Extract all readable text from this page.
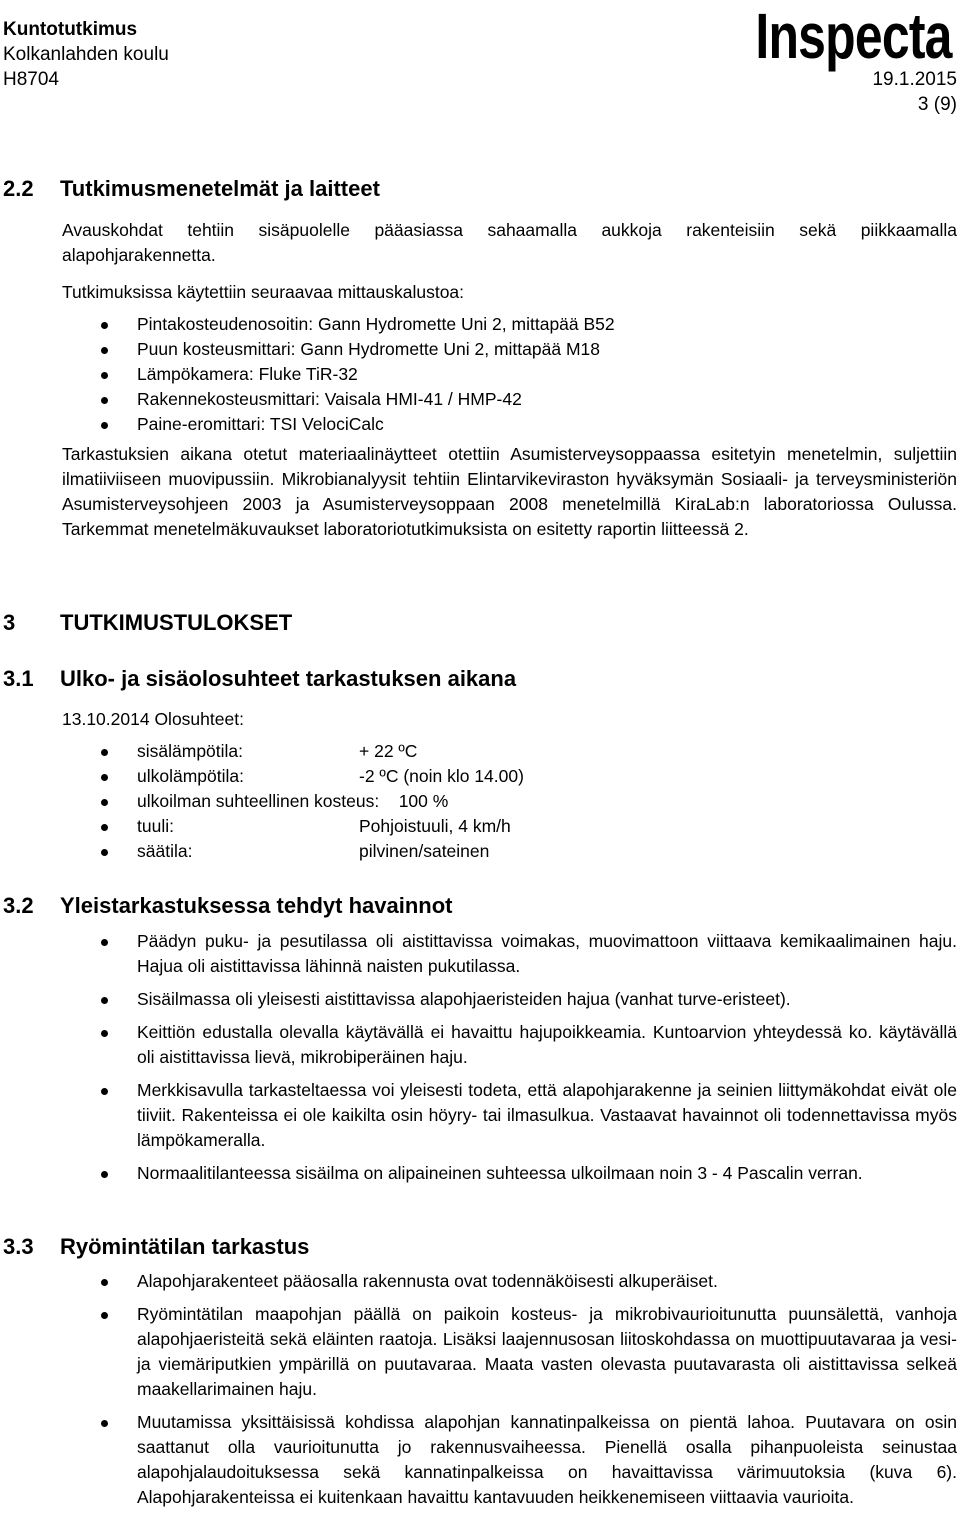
Kuntotutkimus
Kolkanlahden koulu
H8704
Inspecta
19.1.2015
3 (9)
2.2 Tutkimusmenetelmät ja laitteet
Avauskohdat tehtiin sisäpuolelle pääasiassa sahaamalla aukkoja rakenteisiin sekä piikkaamalla alapohjarakennetta.
Tutkimuksissa käytettiin seuraavaa mittauskalustoa:
Pintakosteudenosoitin: Gann Hydromette Uni 2, mittapää B52
Puun kosteusmittari: Gann Hydromette Uni 2, mittapää M18
Lämpökamera: Fluke TiR-32
Rakennekosteusmittari: Vaisala HMI-41 / HMP-42
Paine-eromittari: TSI VelociCalc
Tarkastuksien aikana otetut materiaalinäytteet otettiin Asumisterveysoppaassa esitetyin menetelmin, suljettiin ilmatiiviiseen muovipussiin. Mikrobianalyysit tehtiin Elintarvikeviraston hyväksymän Sosiaali- ja terveysministeriön Asumisterveysohjeen 2003 ja Asumisterveysoppaan 2008 menetelmillä KiraLab:n laboratoriossa Oulussa. Tarkemmat menetelmäkuvaukset laboratoriotutkimuksista on esitetty raportin liitteessä 2.
3 TUTKIMUSTULOKSET
3.1 Ulko- ja sisäolosuhteet tarkastuksen aikana
13.10.2014 Olosuhteet:
sisälämpötila:	+ 22 ºC
ulkolämpötila:	-2 ºC (noin klo 14.00)
ulkoilman suhteellinen kosteus: 100 %
tuuli:	Pohjoistuuli, 4 km/h
säätila:	pilvinen/sateinen
3.2 Yleistarkastuksessa tehdyt havainnot
Päädyn puku- ja pesutilassa oli aistittavissa voimakas, muovimattoon viittaava kemikaalimainen haju. Hajua oli aistittavissa lähinnä naisten pukutilassa.
Sisäilmassa oli yleisesti aistittavissa alapohjaeristeiden hajua (vanhat turve-eristeet).
Keittiön edustalla olevalla käytävällä ei havaittu hajupoikkeamia. Kuntoarvion yhteydessä ko. käytävällä oli aistittavissa lievä, mikrobiperäinen haju.
Merkkisavulla tarkasteltaessa voi yleisesti todeta, että alapohjarakenne ja seinien liittymäkohdat eivät ole tiiviit. Rakenteissa ei ole kaikilta osin höyry- tai ilmasulkua. Vastaavat havainnot oli todennettavissa myös lämpökameralla.
Normaalitilanteessa sisäilma on alipaineinen suhteessa ulkoilmaan noin 3 - 4 Pascalin verran.
3.3 Ryömintätilan tarkastus
Alapohjarakenteet pääosalla rakennusta ovat todennäköisesti alkuperäiset.
Ryömintätilan maapohjan päällä on paikoin kosteus- ja mikrobivaurioitunutta puunsälettä, vanhoja alapohjaeristeitä sekä eläinten raatoja. Lisäksi laajennusosan liitoskohdassa on muottipuutavaraa ja vesi- ja viemäriputkien ympärillä on puutavaraa. Maata vasten olevasta puutavarasta oli aistittavissa selkeä maakellarimainen haju.
Muutamissa yksittäisissä kohdissa alapohjan kannatinpalkeissa on pientä lahoa. Puutavara on osin saattanut olla vaurioitunutta jo rakennusvaiheessa. Pienellä osalla pihanpuoleista seinustaa alapohjalaudoituksessa sekä kannatinpalkeissa on havaittavissa värimuutoksia (kuva 6). Alapohjarakenteissa ei kuitenkaan havaittu kantavuuden heikkenemiseen viittaavia vaurioita.
